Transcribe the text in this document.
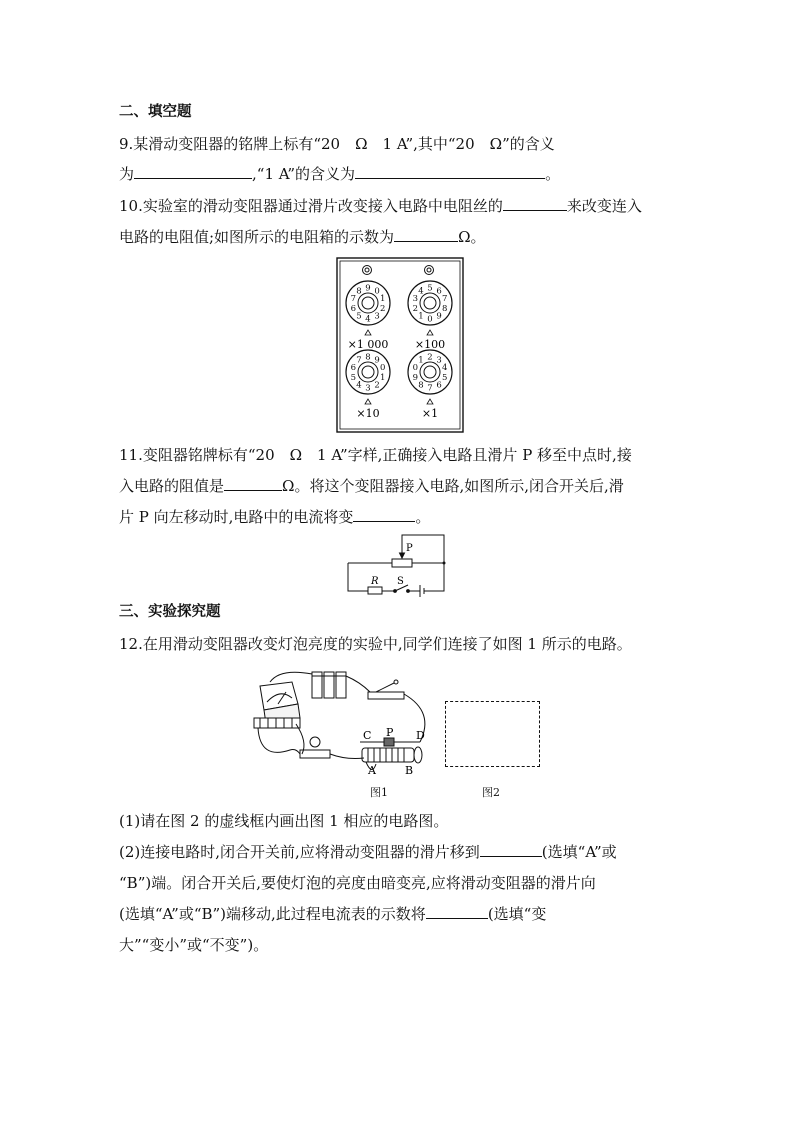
二、填空题
9.某滑动变阻器的铭牌上标有“20　Ω　1 A”,其中“20　Ω”的含义
为	,“1 A”的含义为	。
10.实验室的滑动变阻器通过滑片改变接入电路中电阻丝的	来改变连入
电路的电阻值;如图所示的电阻箱的示数为	Ω。
9 0
1
2
3
4
5
6
7
8	5 6
7
8
9
0
1
2
3
4
8 9
0
1
2
3
4
5
6
7	2 3
4
5
6
7
8
9
0
1
×1 000 ×100
×10	×1
11.变阻器铭牌标有“20　Ω　1 A”字样,正确接入电路且滑片 P 移至中点时,接
入电路的阻值是	Ω。将这个变阻器接入电路,如图所示,闭合开关后,滑
片 P 向左移动时,电路中的电流将变	。
P
R S
三、实验探究题
12.在用滑动变阻器改变灯泡亮度的实验中,同学们连接了如图 1 所示的电路。
C P D
A	B
图1	图2
(1)请在图 2 的虚线框内画出图 1 相应的电路图。
(2)连接电路时,闭合开关前,应将滑动变阻器的滑片移到	(选填“A”或
“B”)端。闭合开关后,要使灯泡的亮度由暗变亮,应将滑动变阻器的滑片向
(选填“A”或“B”)端移动,此过程电流表的示数将	(选填“变
大”“变小”或“不变”)。
